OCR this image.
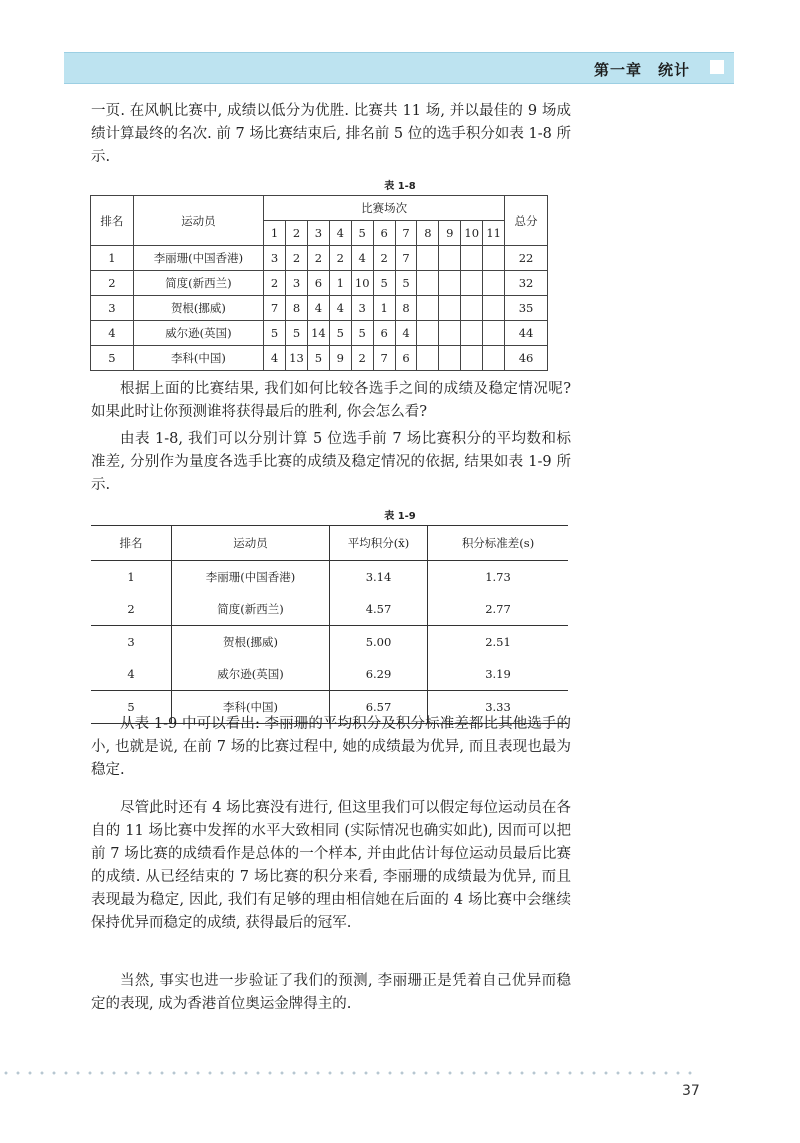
第一章　统计

一页. 在风帆比赛中, 成绩以低分为优胜. 比赛共 11 场, 并以最佳的 9 场成绩计算最终的名次. 前 7 场比赛结束后, 排名前 5 位的选手积分如表 1-8 所示.

表 1-8
排名	运动员	比赛场次											总分
		1	2	3	4	5	6	7	8	9	10	11	
1	李丽珊(中国香港)	3	2	2	2	4	2	7					22
2	简度(新西兰)	2	3	6	1	10	5	5					32
3	贺根(挪威)	7	8	4	4	3	1	8					35
4	威尔逊(英国)	5	5	14	5	5	6	4					44
5	李科(中国)	4	13	5	9	2	7	6					46

根据上面的比赛结果, 我们如何比较各选手之间的成绩及稳定情况呢? 如果此时让你预测谁将获得最后的胜利, 你会怎么看?

由表 1-8, 我们可以分别计算 5 位选手前 7 场比赛积分的平均数和标准差, 分别作为量度各选手比赛的成绩及稳定情况的依据, 结果如表 1-9 所示.

表 1-9
排名	运动员	平均积分(x̄)	积分标准差(s)
1	李丽珊(中国香港)	3.14	1.73
2	简度(新西兰)	4.57	2.77
3	贺根(挪威)	5.00	2.51
4	威尔逊(英国)	6.29	3.19
5	李科(中国)	6.57	3.33

从表 1-9 中可以看出: 李丽珊的平均积分及积分标准差都比其他选手的小, 也就是说, 在前 7 场的比赛过程中, 她的成绩最为优异, 而且表现也最为稳定.

尽管此时还有 4 场比赛没有进行, 但这里我们可以假定每位运动员在各自的 11 场比赛中发挥的水平大致相同 (实际情况也确实如此), 因而可以把前 7 场比赛的成绩看作是总体的一个样本, 并由此估计每位运动员最后比赛的成绩. 从已经结束的 7 场比赛的积分来看, 李丽珊的成绩最为优异, 而且表现最为稳定, 因此, 我们有足够的理由相信她在后面的 4 场比赛中会继续保持优异而稳定的成绩, 获得最后的冠军.

当然, 事实也进一步验证了我们的预测, 李丽珊正是凭着自己优异而稳定的表现, 成为香港首位奥运金牌得主的.

37
